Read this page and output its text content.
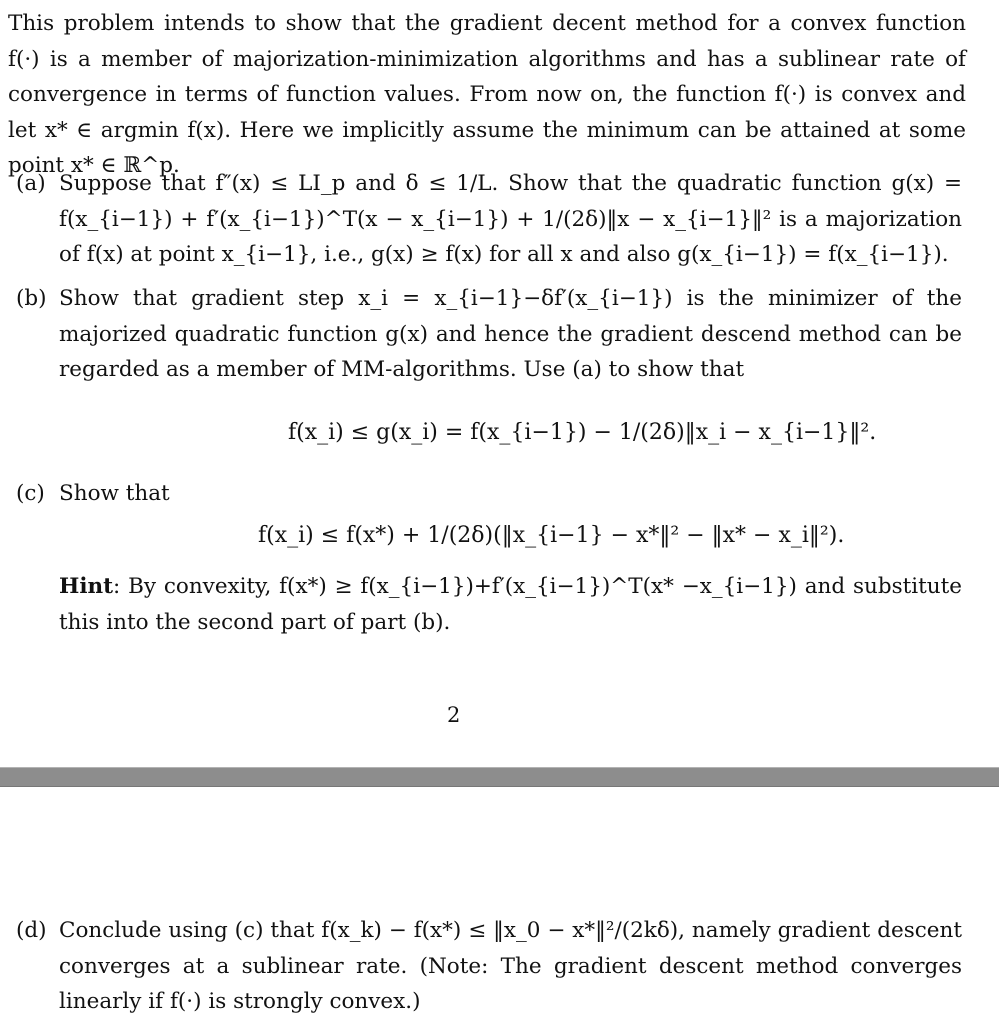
This problem intends to show that the gradient decent method for a convex function f(·) is a member of majorization-minimization algorithms and has a sublinear rate of convergence in terms of function values. From now on, the function f(·) is convex and let x* ∈ argmin f(x). Here we implicitly assume the minimum can be attained at some point x* ∈ ℝ^p.

(a) Suppose that f″(x) ≤ LI_p and δ ≤ 1/L. Show that the quadratic function g(x) = f(x_{i−1}) + f′(x_{i−1})^T(x − x_{i−1}) + 1/(2δ)‖x − x_{i−1}‖² is a majorization of f(x) at point x_{i−1}, i.e., g(x) ≥ f(x) for all x and also g(x_{i−1}) = f(x_{i−1}).
(b) Show that gradient step x_i = x_{i−1}−δf′(x_{i−1}) is the minimizer of the majorized quadratic function g(x) and hence the gradient descend method can be regarded as a member of MM-algorithms. Use (a) to show that
f(x_i) ≤ g(x_i) = f(x_{i−1}) − 1/(2δ)‖x_i − x_{i−1}‖².
(c) Show that
f(x_i) ≤ f(x*) + 1/(2δ)(‖x_{i−1} − x*‖² − ‖x* − x_i‖²).
Hint: By convexity, f(x*) ≥ f(x_{i−1})+f′(x_{i−1})^T(x* −x_{i−1}) and substitute this into the second part of part (b).
2
(d) Conclude using (c) that f(x_k) − f(x*) ≤ ‖x_0 − x*‖²/(2kδ), namely gradient descent converges at a sublinear rate. (Note: The gradient descent method converges linearly if f(·) is strongly convex.)
